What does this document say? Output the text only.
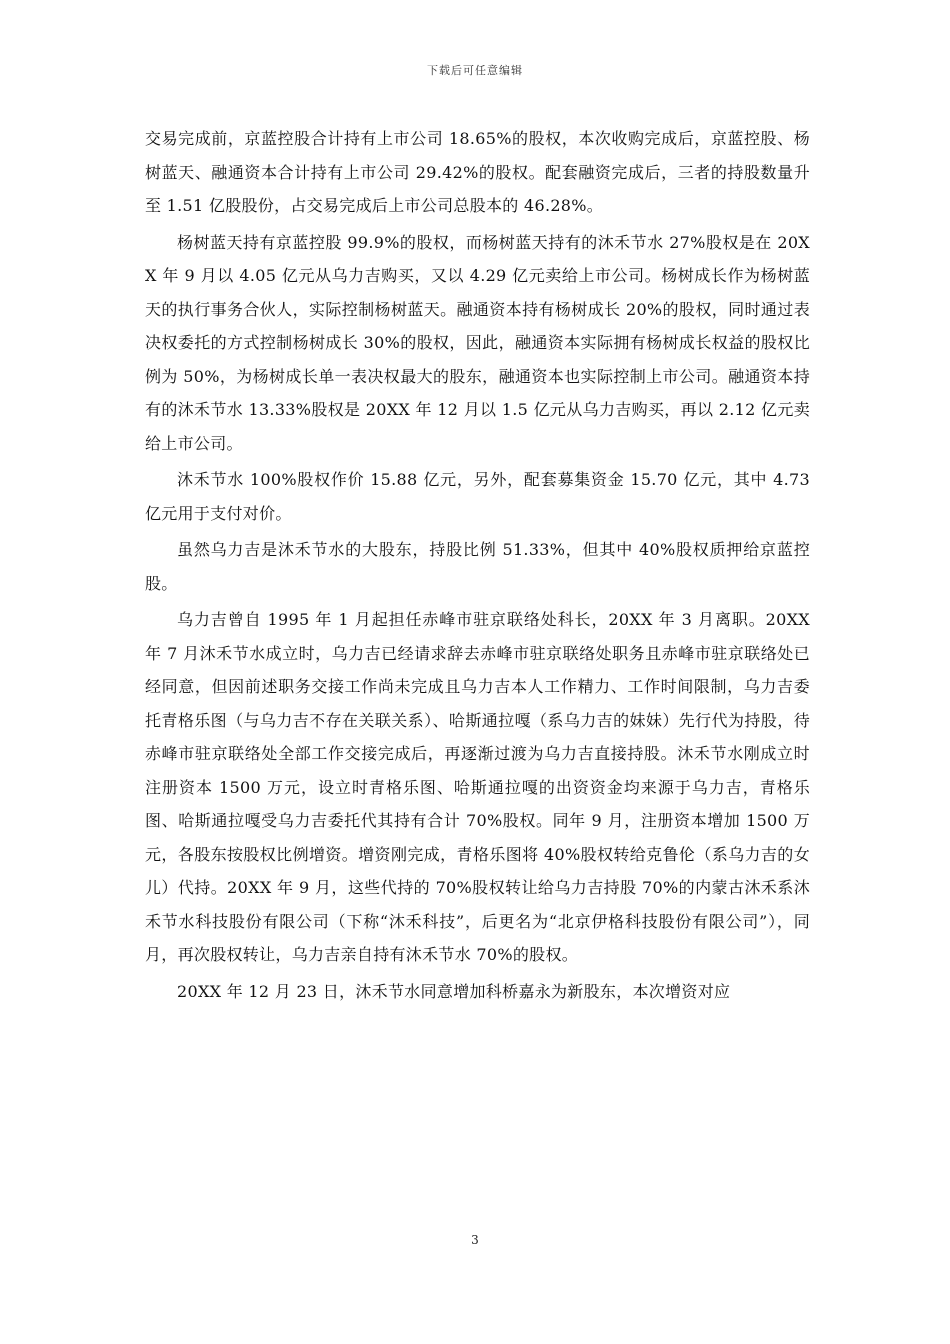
下载后可任意编辑

交易完成前，京蓝控股合计持有上市公司 18.65%的股权，本次收购完成后，京蓝控股、杨树蓝天、融通资本合计持有上市公司 29.42%的股权。配套融资完成后，三者的持股数量升至 1.51 亿股股份，占交易完成后上市公司总股本的 46.28%。

杨树蓝天持有京蓝控股 99.9%的股权，而杨树蓝天持有的沐禾节水 27%股权是在 20XX 年 9 月以 4.05 亿元从乌力吉购买，又以 4.29 亿元卖给上市公司。杨树成长作为杨树蓝天的执行事务合伙人，实际控制杨树蓝天。融通资本持有杨树成长 20%的股权，同时通过表决权委托的方式控制杨树成长 30%的股权，因此，融通资本实际拥有杨树成长权益的股权比例为 50%，为杨树成长单一表决权最大的股东，融通资本也实际控制上市公司。融通资本持有的沐禾节水 13.33%股权是 20XX 年 12 月以 1.5 亿元从乌力吉购买，再以 2.12 亿元卖给上市公司。

沐禾节水 100%股权作价 15.88 亿元，另外，配套募集资金 15.70 亿元，其中 4.73 亿元用于支付对价。

虽然乌力吉是沐禾节水的大股东，持股比例 51.33%，但其中 40%股权质押给京蓝控股。

乌力吉曾自 1995 年 1 月起担任赤峰市驻京联络处科长，20XX 年 3 月离职。20XX 年 7 月沐禾节水成立时，乌力吉已经请求辞去赤峰市驻京联络处职务且赤峰市驻京联络处已经同意，但因前述职务交接工作尚未完成且乌力吉本人工作精力、工作时间限制，乌力吉委托青格乐图（与乌力吉不存在关联关系）、哈斯通拉嘎（系乌力吉的妹妹）先行代为持股，待赤峰市驻京联络处全部工作交接完成后，再逐渐过渡为乌力吉直接持股。沐禾节水刚成立时注册资本 1500 万元，设立时青格乐图、哈斯通拉嘎的出资资金均来源于乌力吉，青格乐图、哈斯通拉嘎受乌力吉委托代其持有合计 70%股权。同年 9 月，注册资本增加 1500 万元，各股东按股权比例增资。增资刚完成，青格乐图将 40%股权转给克鲁伦（系乌力吉的女儿）代持。20XX 年 9 月，这些代持的 70%股权转让给乌力吉持股 70%的内蒙古沐禾系沐禾节水科技股份有限公司（下称“沐禾科技”，后更名为“北京伊格科技股份有限公司”），同月，再次股权转让，乌力吉亲自持有沐禾节水 70%的股权。

20XX 年 12 月 23 日，沐禾节水同意增加科桥嘉永为新股东，本次增资对应

3
